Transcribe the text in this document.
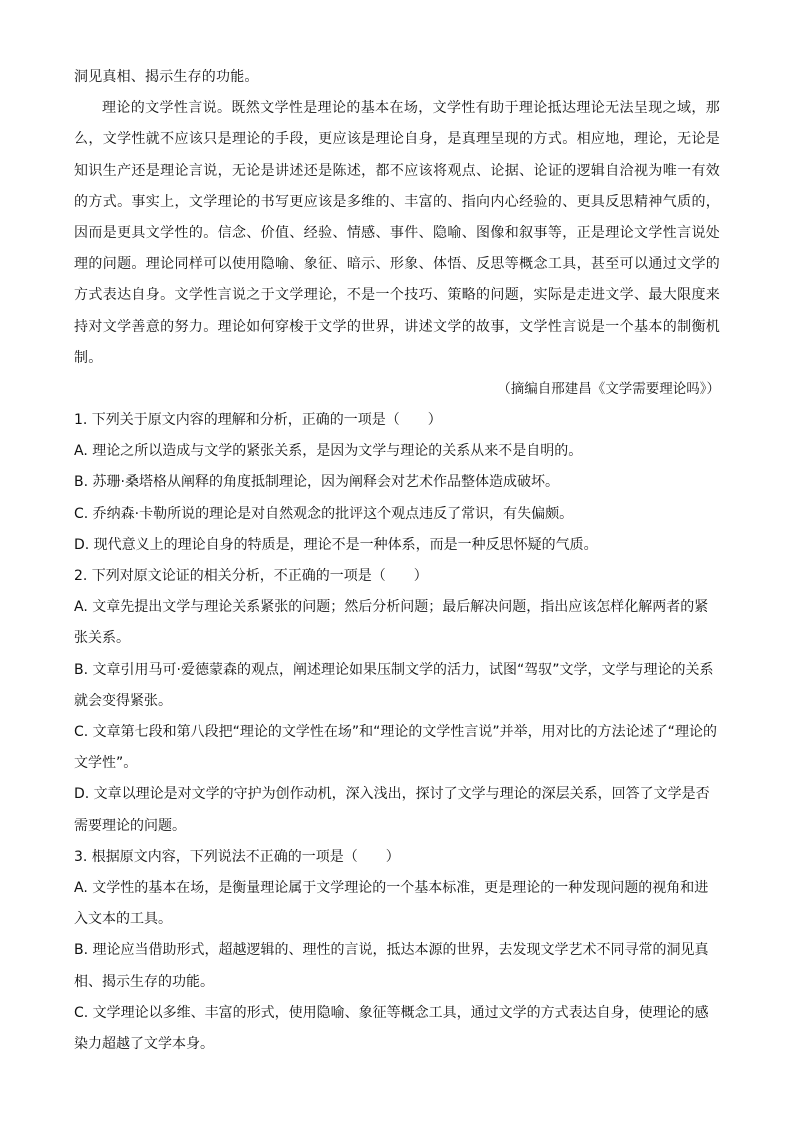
洞见真相、揭示生存的功能。

理论的文学性言说。既然文学性是理论的基本在场，文学性有助于理论抵达理论无法呈现之域，那么，文学性就不应该只是理论的手段，更应该是理论自身，是真理呈现的方式。相应地，理论，无论是知识生产还是理论言说，无论是讲述还是陈述，都不应该将观点、论据、论证的逻辑自洽视为唯一有效的方式。事实上，文学理论的书写更应该是多维的、丰富的、指向内心经验的、更具反思精神气质的，因而是更具文学性的。信念、价值、经验、情感、事件、隐喻、图像和叙事等，正是理论文学性言说处理的问题。理论同样可以使用隐喻、象征、暗示、形象、体悟、反思等概念工具，甚至可以通过文学的方式表达自身。文学性言说之于文学理论，不是一个技巧、策略的问题，实际是走进文学、最大限度来持对文学善意的努力。理论如何穿梭于文学的世界，讲述文学的故事，文学性言说是一个基本的制衡机制。

（摘编自邢建昌《文学需要理论吗》）

1. 下列关于原文内容的理解和分析，正确的一项是（　　）

A. 理论之所以造成与文学的紧张关系，是因为文学与理论的关系从来不是自明的。

B. 苏珊·桑塔格从阐释的角度抵制理论，因为阐释会对艺术作品整体造成破坏。

C. 乔纳森·卡勒所说的理论是对自然观念的批评这个观点违反了常识，有失偏颇。

D. 现代意义上的理论自身的特质是，理论不是一种体系，而是一种反思怀疑的气质。

2. 下列对原文论证的相关分析，不正确的一项是（　　）

A. 文章先提出文学与理论关系紧张的问题；然后分析问题；最后解决问题，指出应该怎样化解两者的紧张关系。

B. 文章引用马可·爱德蒙森的观点，阐述理论如果压制文学的活力，试图“驾驭”文学，文学与理论的关系就会变得紧张。

C. 文章第七段和第八段把“理论的文学性在场”和“理论的文学性言说”并举，用对比的方法论述了“理论的文学性”。

D. 文章以理论是对文学的守护为创作动机，深入浅出，探讨了文学与理论的深层关系，回答了文学是否需要理论的问题。

3. 根据原文内容，下列说法不正确的一项是（　　）

A. 文学性的基本在场，是衡量理论属于文学理论的一个基本标准，更是理论的一种发现问题的视角和进入文本的工具。

B. 理论应当借助形式，超越逻辑的、理性的言说，抵达本源的世界，去发现文学艺术不同寻常的洞见真相、揭示生存的功能。

C. 文学理论以多维、丰富的形式，使用隐喻、象征等概念工具，通过文学的方式表达自身，使理论的感染力超越了文学本身。
